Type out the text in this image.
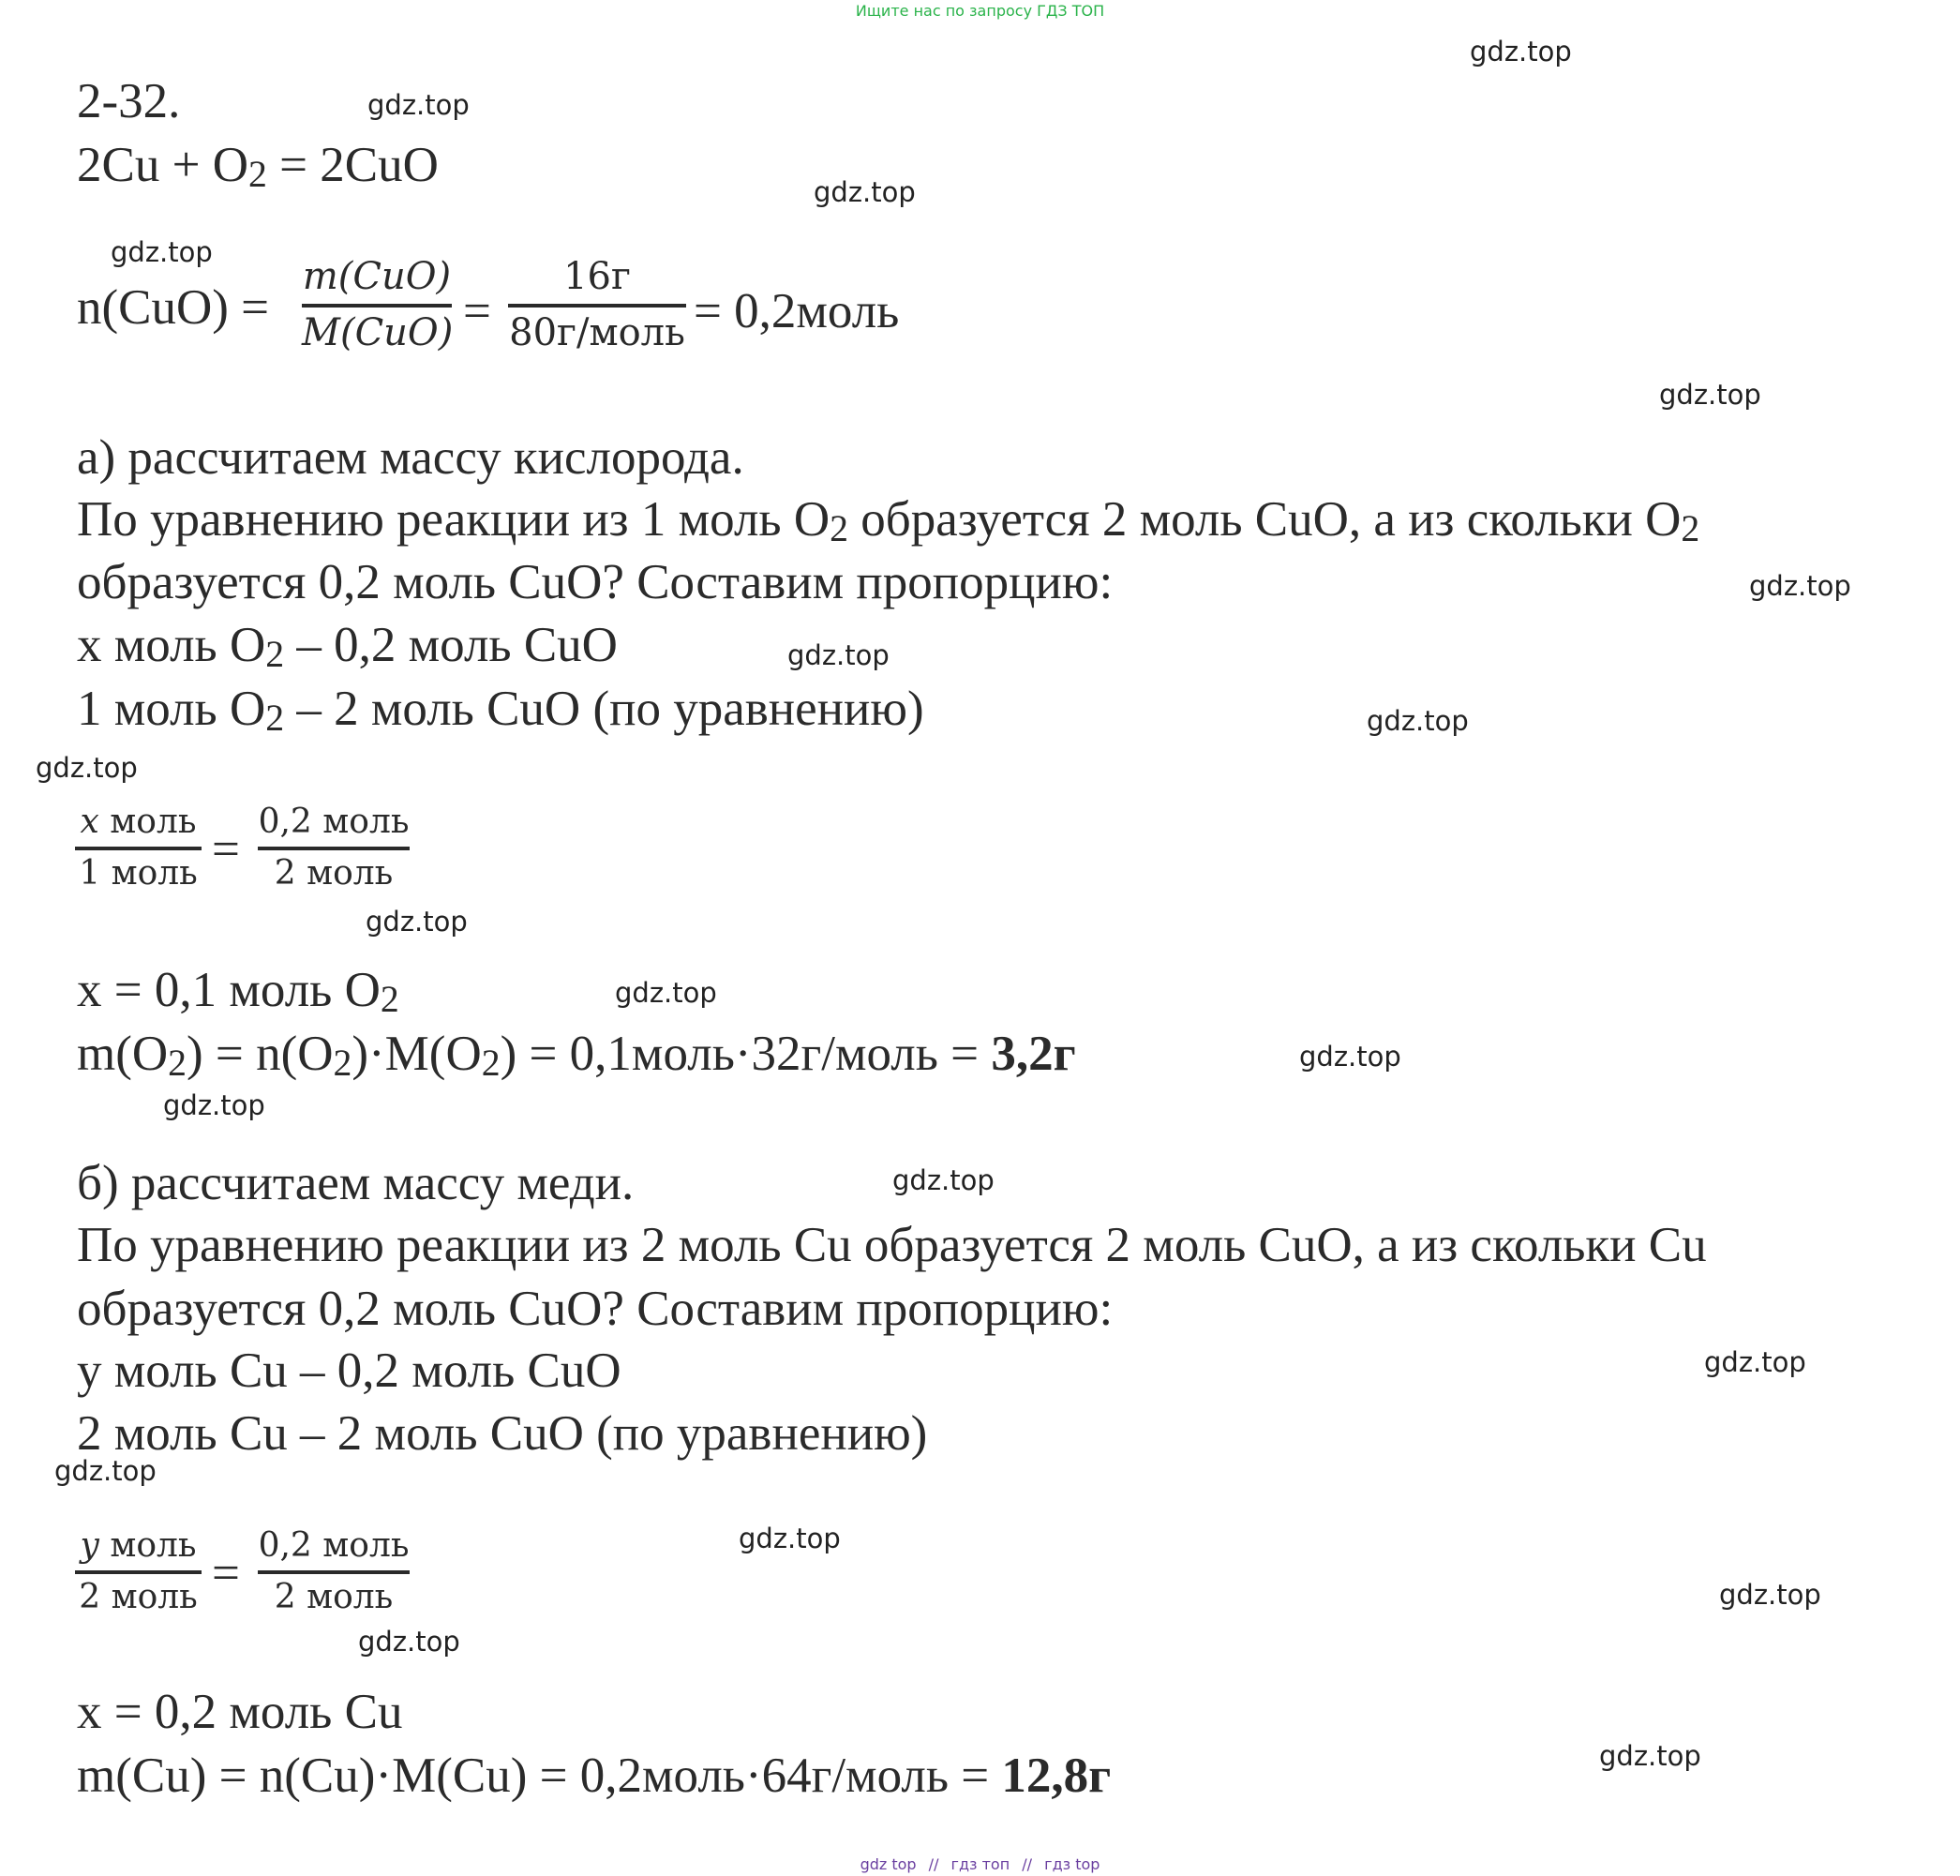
Ищите нас по запросу ГДЗ ТОП
2-32.
$2Cu + O_2 = 2CuO$
n(CuO) =
m(CuO)
M(CuO) =
16г
80г/моль = 0,2моль
а) рассчитаем массу кислорода.
По уравнению реакции из 1 моль $O_2$ образуется 2 моль CuO, а из скольки $O_2$
образуется 0,2 моль CuO? Составим пропорцию:
x моль $O_2 - 0,2$ моль CuO
1 моль $O_2 - 2$ моль CuO (по уравнению)
x моль
1 моль =
0,2 моль
2 моль
x = 0,1 моль $O_2$
$m(O_2) = n(O_2)\cdot M(O_2)$ = 0,1моль·32г/моль = 3,2г
б) рассчитаем массу меди.
По уравнению реакции из 2 моль Cu образуется 2 моль CuO, а из скольки Cu
образуется 0,2 моль CuO? Составим пропорцию:
у моль Cu – 0,2 моль CuO
2 моль Cu – 2 моль CuO (по уравнению)
y моль
2 моль =
0,2 моль
2 моль
x = 0,2 моль Cu
m(Cu) = n(Cu)·M(Cu) = 0,2моль·64г/моль = 12,8г
gdz.top
gdz.top
gdz.top
gdz.top
gdz.top
gdz.top
gdz.top
gdz.top
gdz.top
gdz.top
gdz.top
gdz.top
gdz.top
gdz.top
gdz.top
gdz.top
gdz.top
gdz.top
gdz.top
gdz.top
gdz top // гдз топ // гдз top
